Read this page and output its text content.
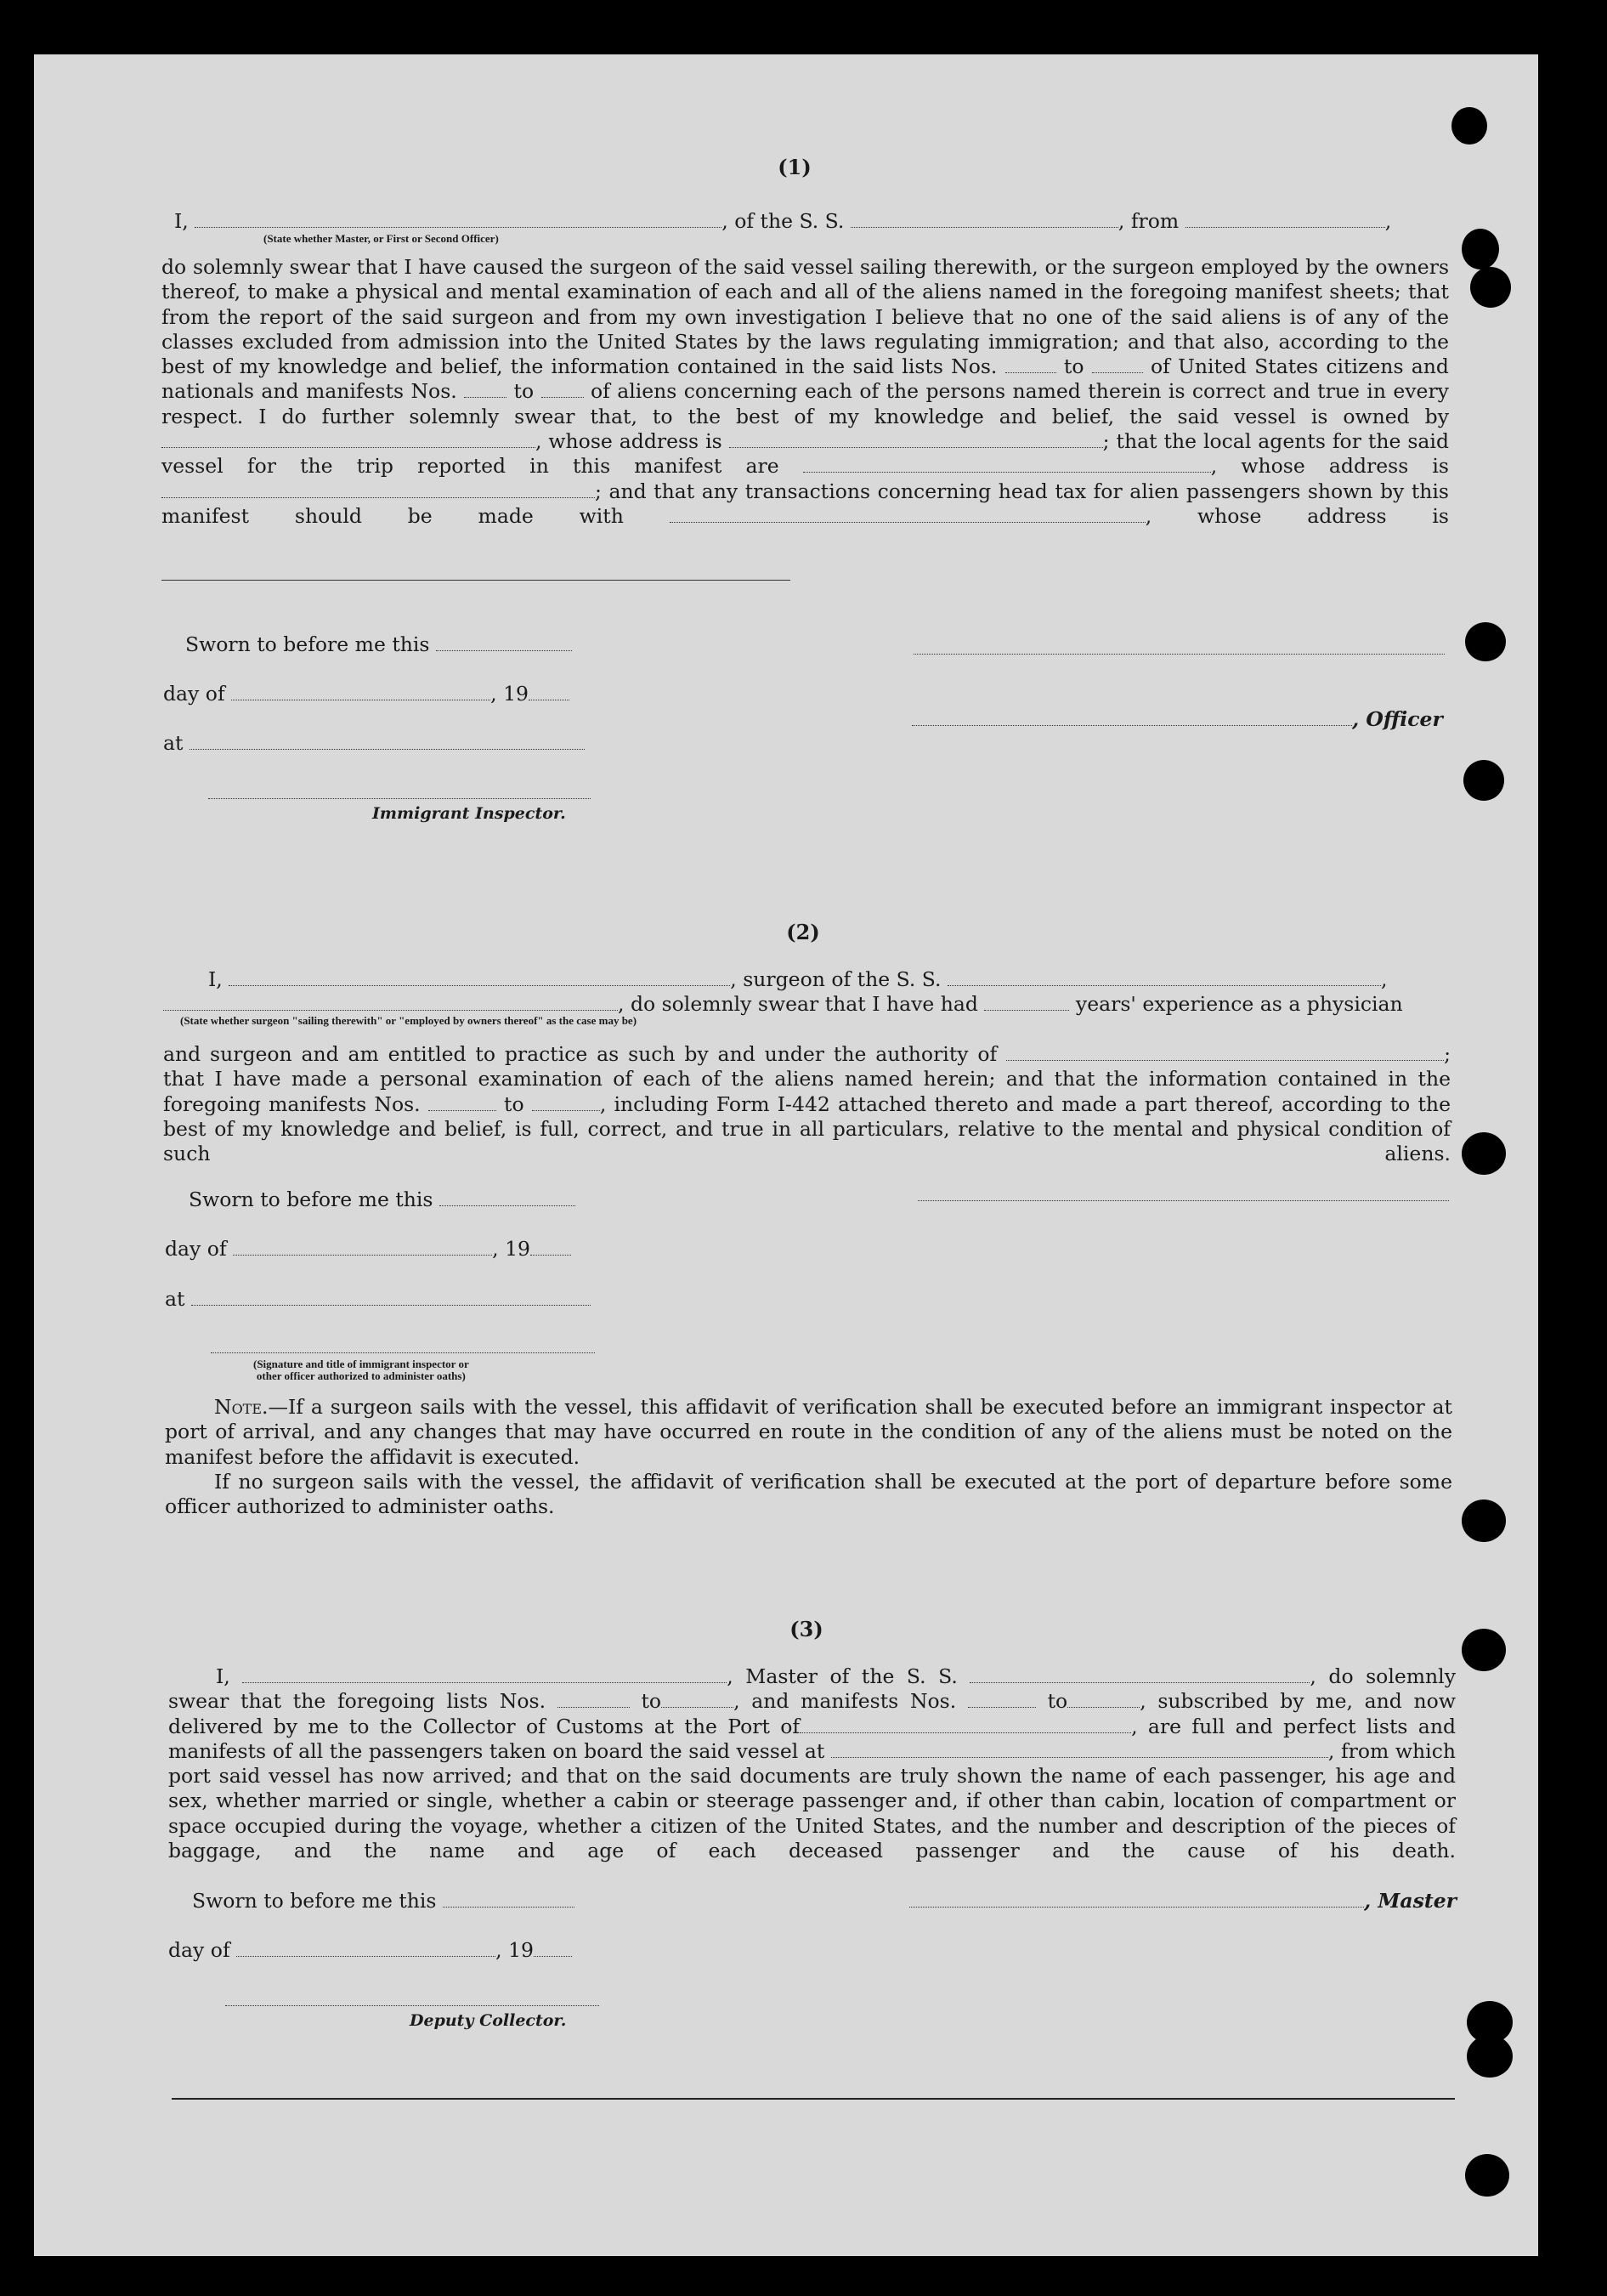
(1)

I,	, of the S. S.	, from	,
(State whether Master, or First or Second Officer)

do solemnly swear that I have caused the surgeon of the said vessel sailing therewith, or the surgeon employed by the owners thereof, to make a physical and mental examination of each and all of the aliens named in the foregoing manifest sheets; that from the report of the said surgeon and from my own investigation I believe that no one of the said aliens is of any of the classes excluded from admission into the United States by the laws regulating immigration; and that also, according to the best of my knowledge and belief, the information contained in the said lists Nos.	to	of United States citizens and nationals and manifests Nos.	to	of aliens concerning each of the persons named therein is correct and true in every respect. I do further solemnly swear that, to the best of my knowledge and belief, the said vessel is owned by , whose address is	; that the local agents for the said vessel for the trip reported in this manifest are	, whose address is ; and that any transactions concerning head tax for alien passengers shown by this manifest should be made with	, whose address is

Sworn to before me this
day of	, 19
, Officer
at
Immigrant Inspector.

(2)

I,	, surgeon of the S. S.	,
, do solemnly swear that I have had	years' experience as a physician
(State whether surgeon "sailing therewith" or "employed by owners thereof" as the case may be)

and surgeon and am entitled to practice as such by and under the authority of	; that I have made a personal examination of each of the aliens named herein; and that the information contained in the foregoing manifests Nos.	to	, including Form I-442 attached thereto and made a part thereof, according to the best of my knowledge and belief, is full, correct, and true in all particulars, relative to the mental and physical condition of such aliens.

Sworn to before me this
day of	, 19
at
(Signature and title of immigrant inspector or
other officer authorized to administer oaths)

Note.—If a surgeon sails with the vessel, this affidavit of verification shall be executed before an immigrant inspector at port of arrival, and any changes that may have occurred en route in the condition of any of the aliens must be noted on the manifest before the affidavit is executed.

If no surgeon sails with the vessel, the affidavit of verification shall be executed at the port of departure before some officer authorized to administer oaths.

(3)

I,	, Master of the S. S.	, do solemnly swear that the foregoing lists Nos.	to	, and manifests Nos.	to	, subscribed by me, and now delivered by me to the Collector of Customs at the Port of	, are full and perfect lists and manifests of all the passengers taken on board the said vessel at	, from which port said vessel has now arrived; and that on the said documents are truly shown the name of each passenger, his age and sex, whether married or single, whether a cabin or steerage passenger and, if other than cabin, location of compartment or space occupied during the voyage, whether a citizen of the United States, and the number and description of the pieces of baggage, and the name and age of each deceased passenger and the cause of his death.

Sworn to before me this	, Master
day of	, 19
Deputy Collector.
